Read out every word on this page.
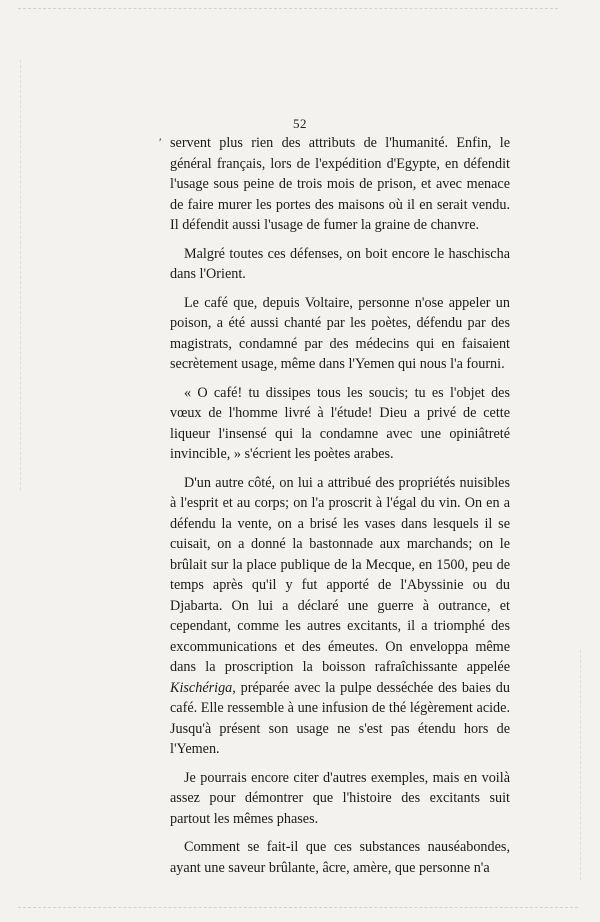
52
′ servent plus rien des attributs de l'humanité. Enfin, le général français, lors de l'expédition d'Egypte, en défendit l'usage sous peine de trois mois de prison, et avec menace de faire murer les portes des maisons où il en serait vendu. Il défendit aussi l'usage de fumer la graine de chanvre.

Malgré toutes ces défenses, on boit encore le haschischa dans l'Orient.

Le café que, depuis Voltaire, personne n'ose appeler un poison, a été aussi chanté par les poètes, défendu par des magistrats, condamné par des médecins qui en faisaient secrètement usage, même dans l'Yemen qui nous l'a fourni.

« O café! tu dissipes tous les soucis; tu es l'objet des vœux de l'homme livré à l'étude! Dieu a privé de cette liqueur l'insensé qui la condamne avec une opiniâtreté invincible, » s'écrient les poètes arabes.

D'un autre côté, on lui a attribué des propriétés nuisibles à l'esprit et au corps; on l'a proscrit à l'égal du vin. On en a défendu la vente, on a brisé les vases dans lesquels il se cuisait, on a donné la bastonnade aux marchands; on le brûlait sur la place publique de la Mecque, en 1500, peu de temps après qu'il y fut apporté de l'Abyssinie ou du Djabarta. On lui a déclaré une guerre à outrance, et cependant, comme les autres excitants, il a triomphé des excommunications et des émeutes. On enveloppa même dans la proscription la boisson rafraîchissante appelée Kischériga, préparée avec la pulpe desséchée des baies du café. Elle ressemble à une infusion de thé légèrement acide. Jusqu'à présent son usage ne s'est pas étendu hors de l'Yemen.

Je pourrais encore citer d'autres exemples, mais en voilà assez pour démontrer que l'histoire des excitants suit partout les mêmes phases.

Comment se fait-il que ces substances nauséabondes, ayant une saveur brûlante, âcre, amère, que personne n'a
